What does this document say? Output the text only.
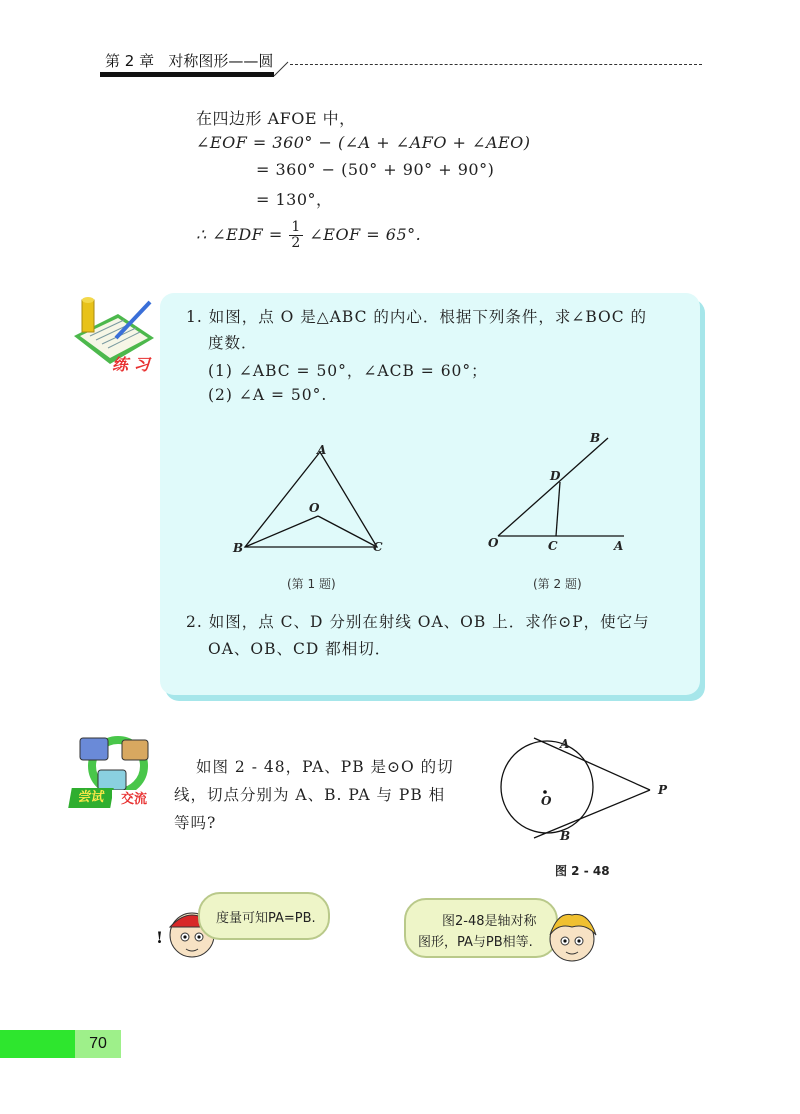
第 2 章 对称图形——圆
在四边形 AFOE 中，
∠EOF = 360° − (∠A + ∠AFO + ∠AEO)
= 360° − (50° + 90° + 90°)
= 130°，
∴ ∠EDF = $\frac{1}{2}$ ∠EOF = 65°.
练 习
1. 如图，点 O 是△ABC 的内心．根据下列条件，求∠BOC 的
度数．
(1) ∠ABC = 50°，∠ACB = 60°；
(2) ∠A = 50°.
A
B	C
O
(第 1 题)
B
D
O	C	A
(第 2 题)
2. 如图，点 C、D 分别在射线 OA、OB 上．求作⊙P，使它与
OA、OB、CD 都相切．
尝试	交流
如图 2 - 48，PA、PB 是⊙O 的切
线，切点分别为 A、B. PA 与 PB 相
等吗?
A
O
P
B
图 2 - 48
!
度量可知PA=PB.	图2-48是轴对称
图形，PA与PB相等.
70
